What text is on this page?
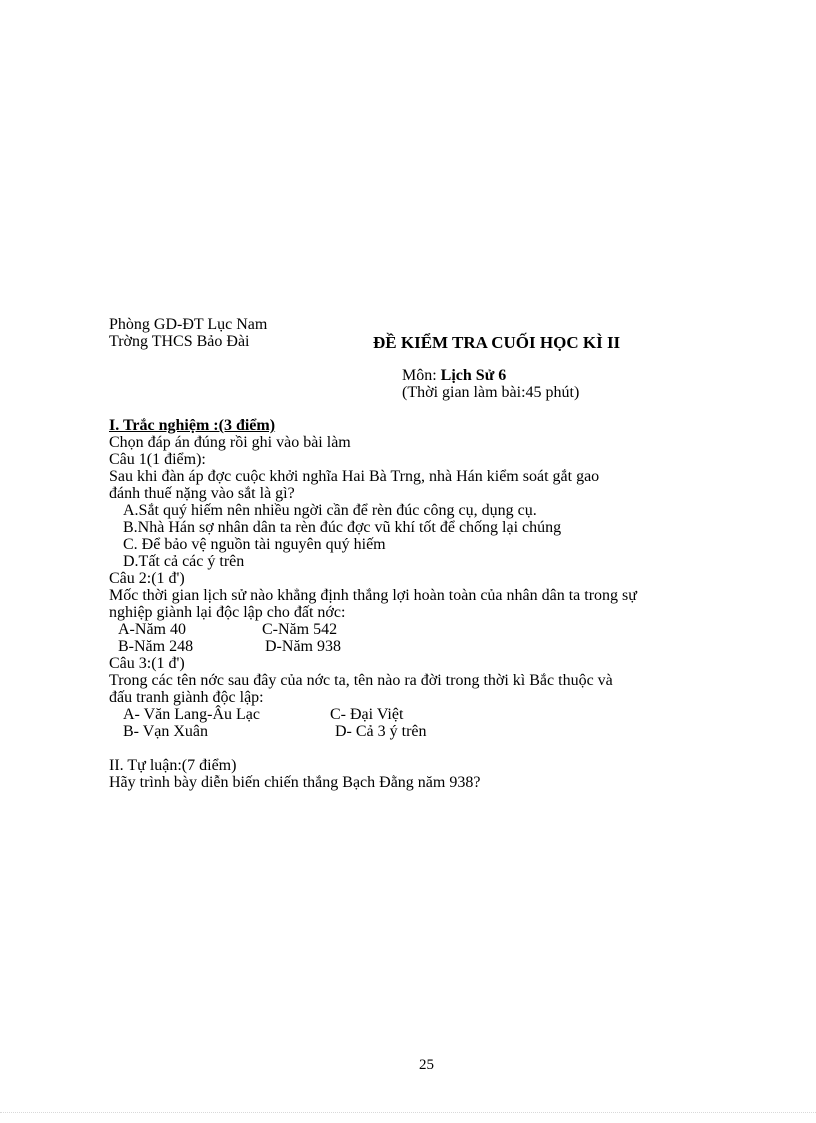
Phòng GD-ĐT Lục Nam
Trờng THCS Bảo Đài	ĐỀ KIỂM TRA CUỐI HỌC KÌ II
Môn: Lịch Sử 6
(Thời gian làm bài:45 phút)
I. Trắc nghiệm :(3 điểm)
Chọn đáp án đúng rồi ghi vào bài làm
Câu 1(1 điểm):
Sau khi đàn áp đợc cuộc khởi nghĩa Hai Bà Trng, nhà Hán kiểm soát gắt gao
đánh thuế nặng vào sắt là gì?
A.Sắt quý hiếm nên nhiều ngời cần để rèn đúc công cụ, dụng cụ.
B.Nhà Hán sợ nhân dân ta rèn đúc đợc vũ khí tốt để chống lại chúng
C. Để bảo vệ nguồn tài nguyên quý hiếm
D.Tất cả các ý trên
Câu 2:(1 đ')
Mốc thời gian lịch sử nào khẳng định thắng lợi hoàn toàn của nhân dân ta trong sự
nghiệp giành lại độc lập cho đất nớc:
A-Năm 40	C-Năm 542
B-Năm 248	D-Năm 938
Câu 3:(1 đ')
Trong các tên nớc sau đây của nớc ta, tên nào ra đời trong thời kì Bắc thuộc và
đấu tranh giành độc lập:
A- Văn Lang-Âu Lạc	C- Đại Việt
B- Vạn Xuân	D- Cả 3 ý trên
II. Tự luận:(7 điểm)
Hãy trình bày diễn biến chiến thắng Bạch Đằng năm 938?
25
